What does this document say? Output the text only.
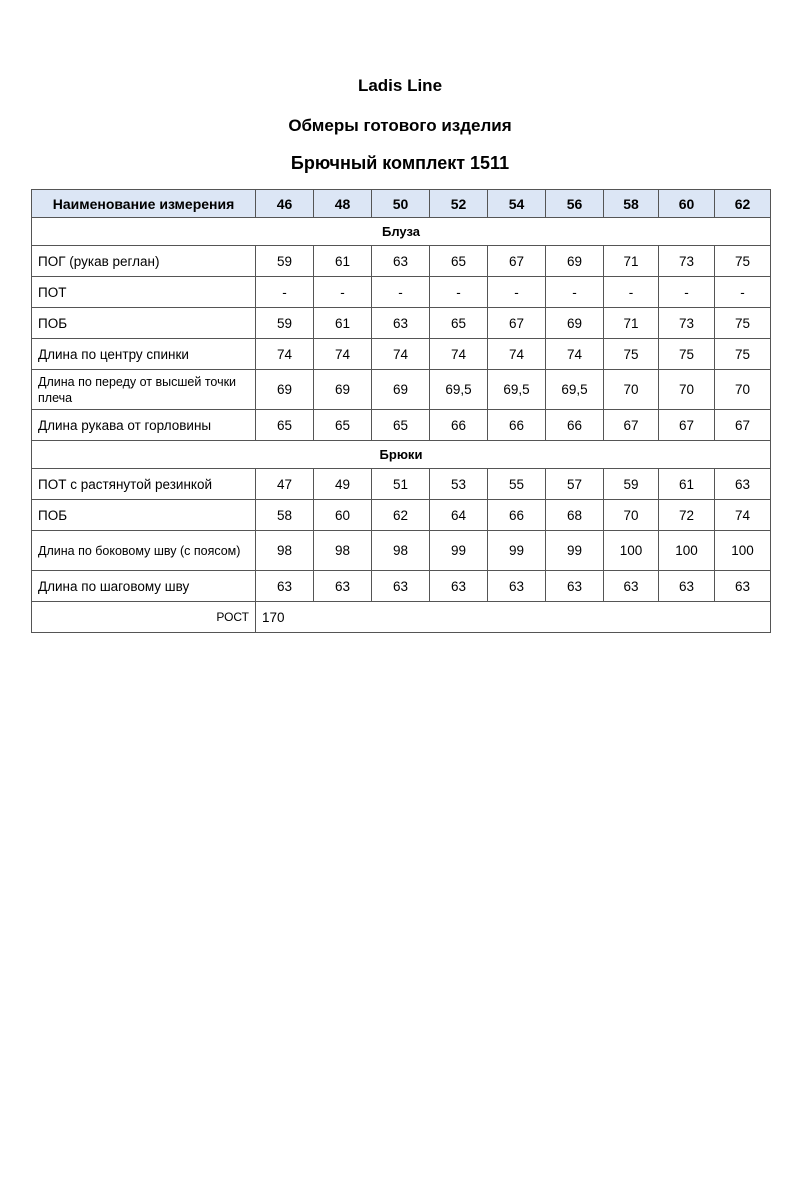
Ladis Line
Обмеры готового изделия
Брючный комплект 1511
Наименование измерения	46	48	50	52	54	56	58	60	62
Блуза									
ПОГ (рукав реглан)	59	61	63	65	67	69	71	73	75
ПОТ	-	-	-	-	-	-	-	-	-
ПОБ	59	61	63	65	67	69	71	73	75
Длина по центру спинки	74	74	74	74	74	74	75	75	75
Длина по переду от высшей точки плеча	69	69	69	69,5	69,5	69,5	70	70	70
Длина рукава от горловины	65	65	65	66	66	66	67	67	67
Брюки									
ПОТ с растянутой резинкой	47	49	51	53	55	57	59	61	63
ПОБ	58	60	62	64	66	68	70	72	74
Длина по боковому шву (с поясом)	98	98	98	99	99	99	100	100	100
Длина по шаговому шву	63	63	63	63	63	63	63	63	63
РОСТ	170								
